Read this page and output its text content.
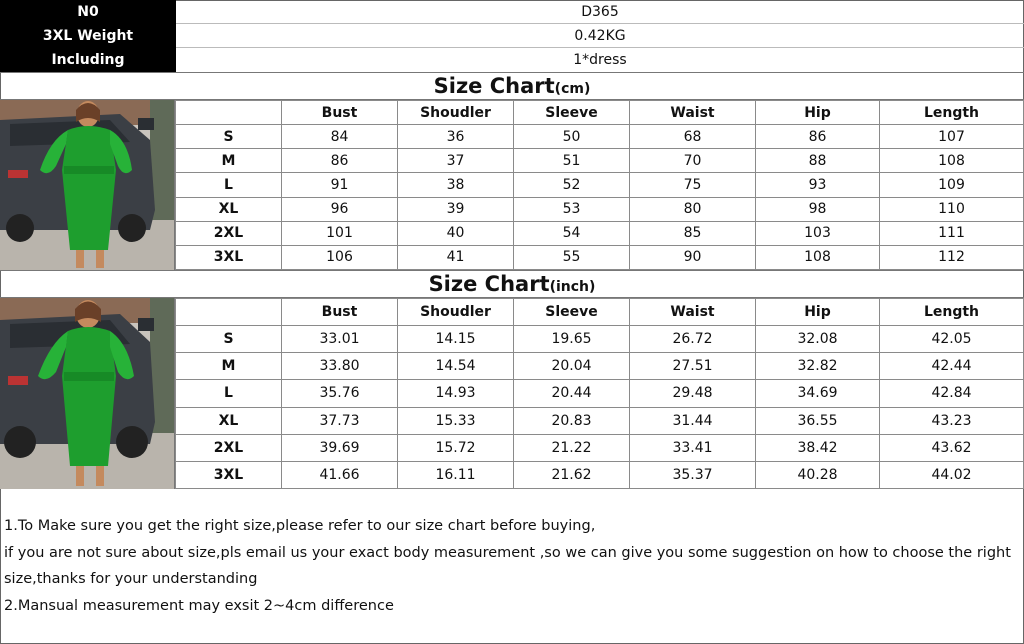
N0	D365
3XL Weight	0.42KG
Including	1*dress
Size Chart(cm)
	Bust	Shoudler	Sleeve	Waist	Hip	Length
S	84	36	50	68	86	107
M	86	37	51	70	88	108
L	91	38	52	75	93	109
XL	96	39	53	80	98	110
2XL	101	40	54	85	103	111
3XL	106	41	55	90	108	112
Size Chart(inch)
	Bust	Shoudler	Sleeve	Waist	Hip	Length
S	33.01	14.15	19.65	26.72	32.08	42.05
M	33.80	14.54	20.04	27.51	32.82	42.44
L	35.76	14.93	20.44	29.48	34.69	42.84
XL	37.73	15.33	20.83	31.44	36.55	43.23
2XL	39.69	15.72	21.22	33.41	38.42	43.62
3XL	41.66	16.11	21.62	35.37	40.28	44.02

1.To Make sure you get the right size,please refer to our size chart before buying,

if you are not sure about size,pls email us your exact body measurement ,so we can give you some suggestion on how to choose the right size,thanks for your understanding

2.Mansual measurement may exsit 2~4cm difference
